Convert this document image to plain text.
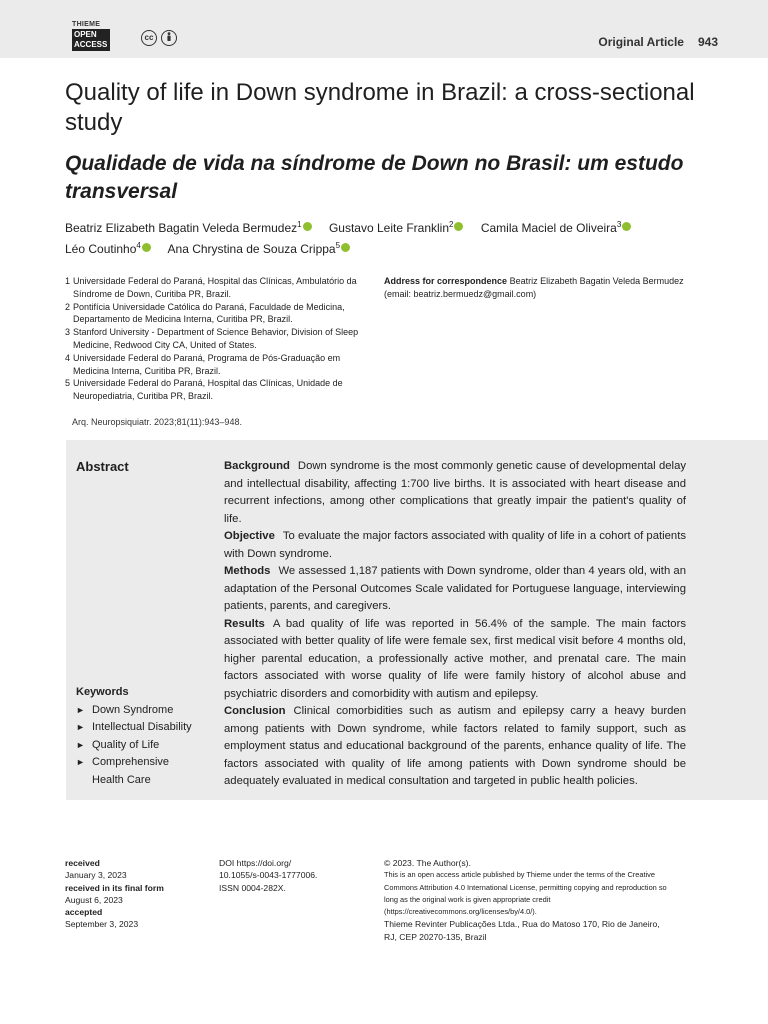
THIEME
OPEN
ACCESS
cc	Original Article 943
Quality of life in Down syndrome in Brazil: a cross-sectional study
Qualidade de vida na síndrome de Down no Brasil: um estudo transversal
Beatriz Elizabeth Bagatin Veleda Bermudez$^1$ Gustavo Leite Franklin$^2$ Camila Maciel de Oliveira$^3$
Léo Coutinho$^4$ Ana Chrystina de Souza Crippa$^5$
1 Universidade Federal do Paraná, Hospital das Clínicas, Ambulatório da Síndrome de Down, Curitiba PR, Brazil.
2 Pontifícia Universidade Católica do Paraná, Faculdade de Medicina, Departamento de Medicina Interna, Curitiba PR, Brazil.
3 Stanford University - Department of Science Behavior, Division of Sleep Medicine, Redwood City CA, United of States.
4 Universidade Federal do Paraná, Programa de Pós-Graduação em Medicina Interna, Curitiba PR, Brazil.
5 Universidade Federal do Paraná, Hospital das Clínicas, Unidade de Neuropediatria, Curitiba PR, Brazil.
Address for correspondence Beatriz Elizabeth Bagatin Veleda Bermudez (email: beatriz.bermuedz@gmail.com)
Arq. Neuropsiquiatr. 2023;81(11):943–948.
Abstract
Keywords
► Down Syndrome
► Intellectual Disability
► Quality of Life
► Comprehensive Health Care

Background Down syndrome is the most commonly genetic cause of developmental delay and intellectual disability, affecting 1:700 live births. It is associated with heart disease and recurrent infections, among other complications that greatly impair the patient's quality of life.

Objective To evaluate the major factors associated with quality of life in a cohort of patients with Down syndrome.

Methods We assessed 1,187 patients with Down syndrome, older than 4 years old, with an adaptation of the Personal Outcomes Scale validated for Portuguese language, interviewing patients, parents, and caregivers.

Results A bad quality of life was reported in 56.4% of the sample. The main factors associated with better quality of life were female sex, first medical visit before 4 months old, higher parental education, a professionally active mother, and prenatal care. The main factors associated with worse quality of life were family history of alcohol abuse and psychiatric disorders and comorbidity with autism and epilepsy.

Conclusion Clinical comorbidities such as autism and epilepsy carry a heavy burden among patients with Down syndrome, while factors related to family support, such as employment status and educational background of the parents, enhance quality of life. The factors associated with quality of life among patients with Down syndrome should be adequately evaluated in medical consultation and targeted in public health policies.

received
January 3, 2023
received in its final form
August 6, 2023
accepted
September 3, 2023
DOI https://doi.org/
10.1055/s-0043-1777006.
ISSN 0004-282X.
© 2023. The Author(s).
This is an open access article published by Thieme under the terms of the Creative Commons Attribution 4.0 International License, permitting copying and reproduction so long as the original work is given appropriate credit (https://creativecommons.org/licenses/by/4.0/).
Thieme Revinter Publicações Ltda., Rua do Matoso 170, Rio de Janeiro, RJ, CEP 20270-135, Brazil
